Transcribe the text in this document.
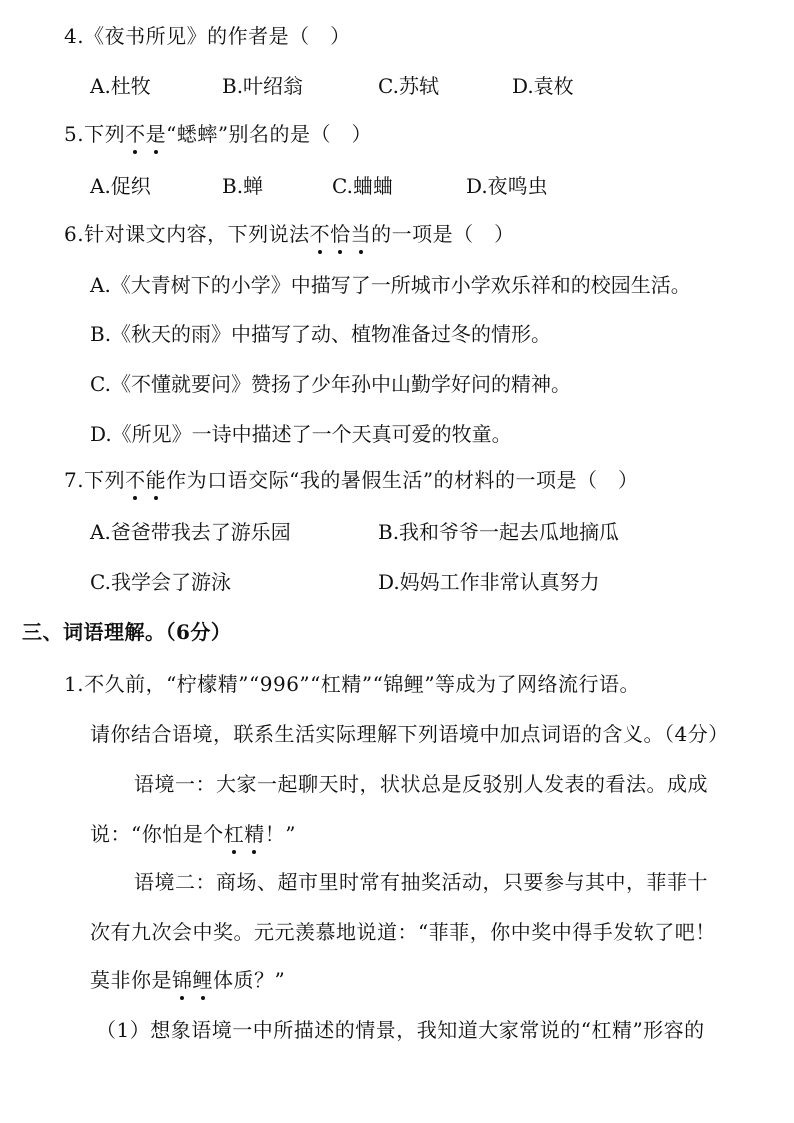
4.《夜书所见》的作者是（　）
A.杜牧	B.叶绍翁	C.苏轼	D.袁枚
5.下列不是“蟋蟀”别名的是（　）
A.促织	B.蝉	C.蛐蛐	D.夜鸣虫
6.针对课文内容，下列说法不恰当的一项是（　）
A.《大青树下的小学》中描写了一所城市小学欢乐祥和的校园生活。
B.《秋天的雨》中描写了动、植物准备过冬的情形。
C.《不懂就要问》赞扬了少年孙中山勤学好问的精神。
D.《所见》一诗中描述了一个天真可爱的牧童。
7.下列不能作为口语交际“我的暑假生活”的材料的一项是（　）
A.爸爸带我去了游乐园	B.我和爷爷一起去瓜地摘瓜
C.我学会了游泳	D.妈妈工作非常认真努力
三、词语理解。（6分）
1.不久前，“柠檬精”“996”“杠精”“锦鲤”等成为了网络流行语。
请你结合语境，联系生活实际理解下列语境中加点词语的含义。（4分）
语境一：大家一起聊天时，状状总是反驳别人发表的看法。成成
说：“你怕是个杠精！”
语境二：商场、超市里时常有抽奖活动，只要参与其中，菲菲十
次有九次会中奖。元元羡慕地说道：“菲菲，你中奖中得手发软了吧！
莫非你是锦鲤体质？”
（1）想象语境一中所描述的情景，我知道大家常说的“杠精”形容的
